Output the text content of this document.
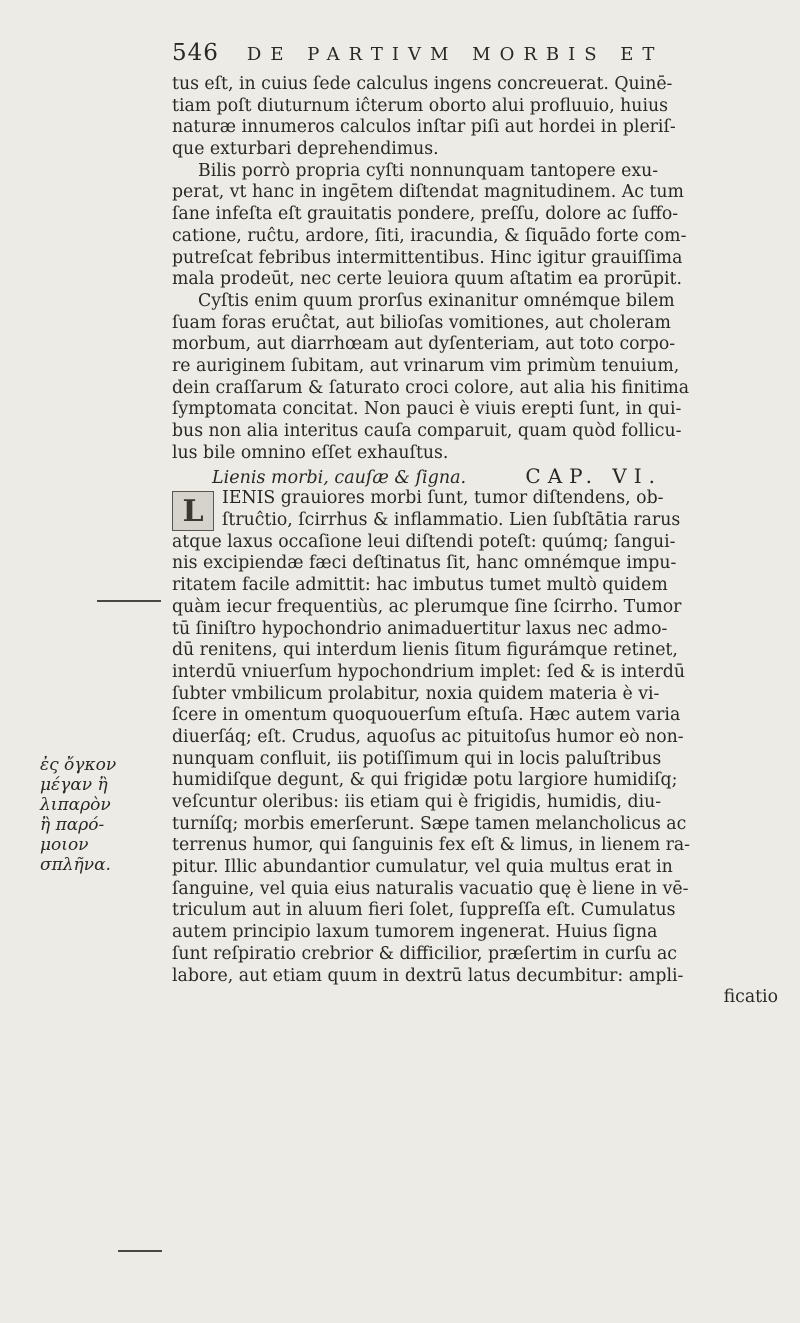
546 DE PARTIVM MORBIS ET
ἐς ὄγκον
μέγαν ἢ
λιπαρὸν
ἢ παρό-
μοιον
σπλῆνα.
tus eſt, in cuius ſede calculus ingens concreuerat. Quinē-
tiam poſt diuturnum iĉterum oborto alui profluuio, huius
naturæ innumeros calculos inſtar piſi aut hordei in pleriſ-
que exturbari deprehendimus.
Bilis porrò propria cyſti nonnunquam tantopere exu-
perat, vt hanc in ingētem diſtendat magnitudinem. Ac tum
ſane infeſta eſt grauitatis pondere, preſſu, dolore ac ſuffo-
catione, ruĉtu, ardore, ſiti, iracundia, & ſiquādo forte com-
putreſcat febribus intermittentibus. Hinc igitur grauiſſima
mala prodeūt, nec certe leuiora quum aſtatim ea prorūpit.
Cyſtis enim quum prorſus exinanitur omnémque bilem
ſuam foras eruĉtat, aut bilioſas vomitiones, aut choleram
morbum, aut diarrhœam aut dyſenteriam, aut toto corpo-
re auriginem ſubitam, aut vrinarum vim primùm tenuium,
dein craſſarum & ſaturato croci colore, aut alia his finitima
ſymptomata concitat. Non pauci è viuis erepti ſunt, in qui-
bus non alia interitus cauſa comparuit, quam quòd follicu-
lus bile omnino eſſet exhauſtus.
Lienis morbi, cauſæ & ſigna.	CAP. VI.
L	IENIS grauiores morbi ſunt, tumor diſtendens, ob-
ſtruĉtio, ſcirrhus & inflammatio. Lien ſubſtātia rarus
atque laxus occaſione leui diſtendi poteſt: quúmq; ſangui-
nis excipiendæ fæci deſtinatus ſit, hanc omnémque impu-
ritatem facile admittit: hac imbutus tumet multò quidem
quàm iecur frequentiùs, ac plerumque ſine ſcirrho. Tumor
tū ſiniſtro hypochondrio animaduertitur laxus nec admo-
dū renitens, qui interdum lienis ſitum figurámque retinet,
interdū vniuerſum hypochondrium implet: ſed & is interdū
ſubter vmbilicum prolabitur, noxia quidem materia è vi-
ſcere in omentum quoquouerſum eſtuſa. Hæc autem varia
diuerſáq; eſt. Crudus, aquoſus ac pituitoſus humor eò non-
nunquam confluit, iis potiſſimum qui in locis paluſtribus
humidiſque degunt, & qui frigidæ potu largiore humidiſq;
veſcuntur oleribus: iis etiam qui è frigidis, humidis, diu-
turníſq; morbis emerſerunt. Sæpe tamen melancholicus ac
terrenus humor, qui ſanguinis fex eſt & limus, in lienem ra-
pitur. Illic abundantior cumulatur, vel quia multus erat in
ſanguine, vel quia eius naturalis vacuatio quę è liene in vē-
triculum aut in aluum fieri ſolet, ſuppreſſa eſt. Cumulatus
autem principio laxum tumorem ingenerat. Huius ſigna
ſunt reſpiratio crebrior & difficilior, præſertim in curſu ac
labore, aut etiam quum in dextrū latus decumbitur: ampli-
ficatio
